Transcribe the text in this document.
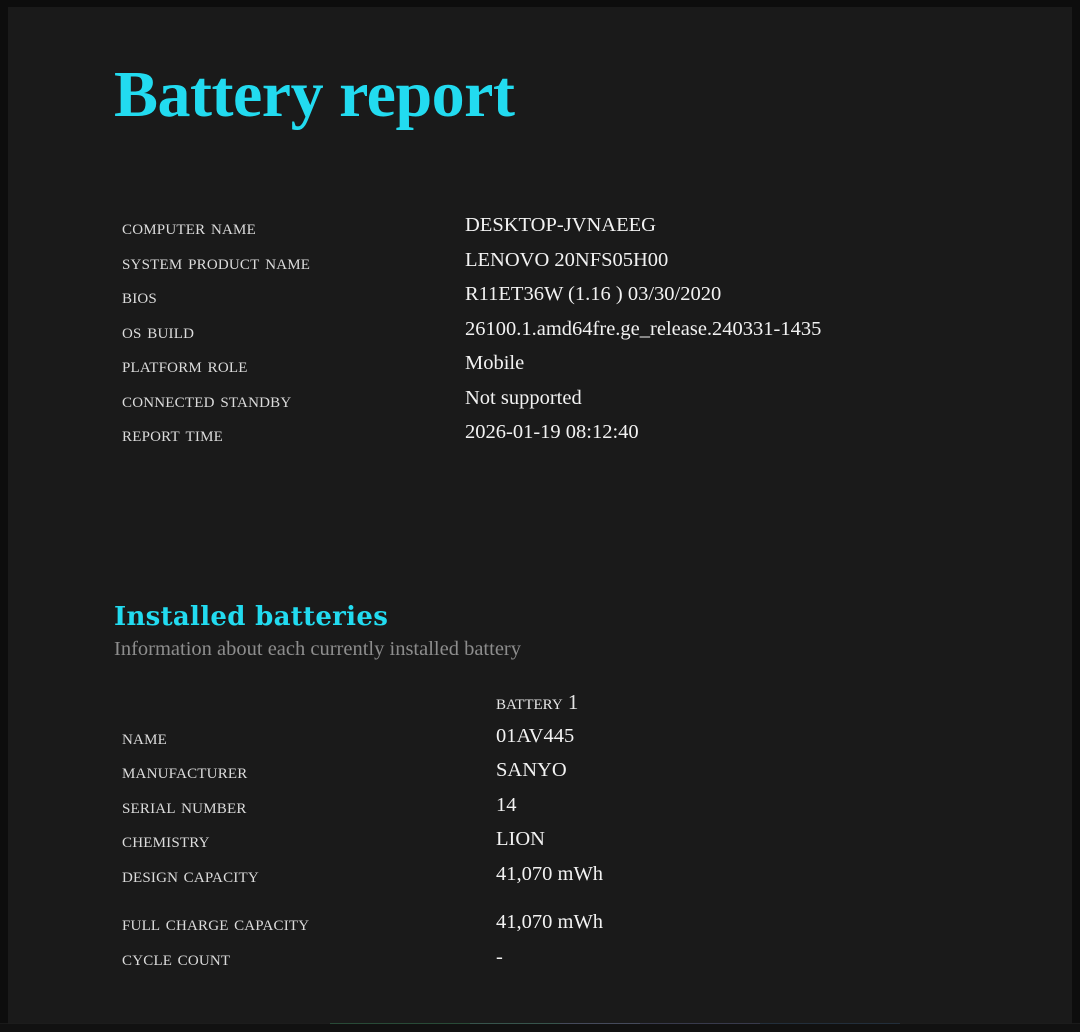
Battery report
computer name	DESKTOP-JVNAEEG
system product name	LENOVO 20NFS05H00
bios	R11ET36W (1.16 ) 03/30/2020
os build	26100.1.amd64fre.ge_release.240331-1435
platform role	Mobile
connected standby	Not supported
report time	2026-01-19 08:12:40
Installed batteries
Information about each currently installed battery
	battery 1
name	01AV445
manufacturer	SANYO
serial number	14
chemistry	LION
design capacity	41,070 mWh

full charge capacity	41,070 mWh
cycle count	-
